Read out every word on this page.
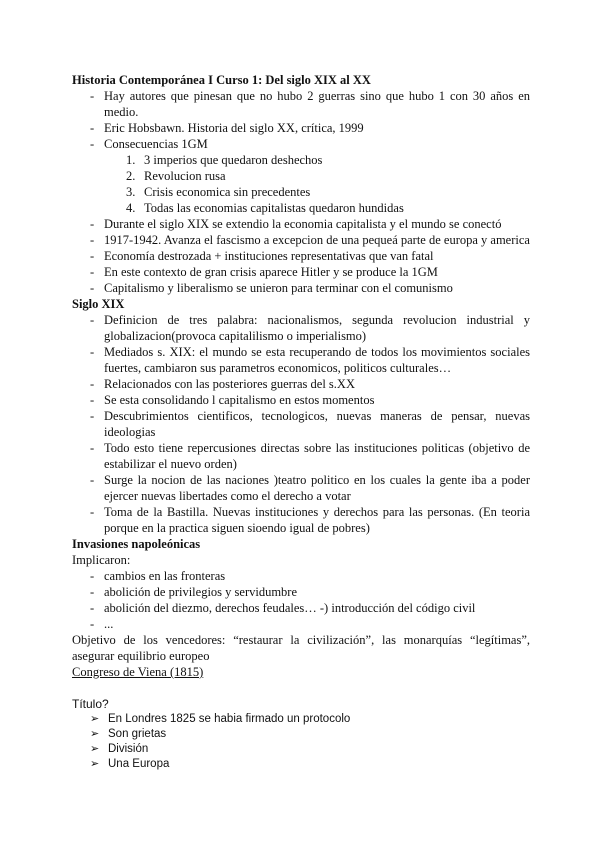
Historia Contemporánea I Curso 1: Del siglo XIX al XX

- Hay autores que pinesan que no hubo 2 guerras sino que hubo 1 con 30 años en medio.
- Eric Hobsbawn. Historia del siglo XX, crítica, 1999
- Consecuencias 1GM
1. 3 imperios que quedaron deshechos
2. Revolucion rusa
3. Crisis economica sin precedentes
4. Todas las economias capitalistas quedaron hundidas
- Durante el siglo XIX se extendio la economia capitalista y el mundo se conectó
- 1917-1942. Avanza el fascismo a excepcion de una pequeá parte de europa y america
- Economía destrozada + instituciones representativas que van fatal
- En este contexto de gran crisis aparece Hitler y se produce la 1GM
- Capitalismo y liberalismo se unieron para terminar con el comunismo

Siglo XIX

- Definicion de tres palabra: nacionalismos, segunda revolucion industrial y globalizacion(provoca capitalilismo o imperialismo)
- Mediados s. XIX: el mundo se esta recuperando de todos los movimientos sociales fuertes, cambiaron sus parametros economicos, politicos culturales…
- Relacionados con las posteriores guerras del s.XX
- Se esta consolidando l capitalismo en estos momentos
- Descubrimientos cientificos, tecnologicos, nuevas maneras de pensar, nuevas ideologias
- Todo esto tiene repercusiones directas sobre las instituciones politicas (objetivo de estabilizar el nuevo orden)
- Surge la nocion de las naciones )teatro politico en los cuales la gente iba a poder ejercer nuevas libertades como el derecho a votar
- Toma de la Bastilla. Nuevas instituciones y derechos para las personas. (En teoria porque en la practica siguen sioendo igual de pobres)

Invasiones napoleónicas

Implicaron:

- cambios en las fronteras
- abolición de privilegios y servidumbre
- abolición del diezmo, derechos feudales… -) introducción del código civil
- ...

Objetivo de los vencedores: “restaurar la civilización”, las monarquías “legítimas”, asegurar equilibrio europeo

Congreso de Viena (1815)

Título?

➢ En Londres 1825 se habia firmado un protocolo
➢ Son grietas
➢ División
➢ Una Europa
